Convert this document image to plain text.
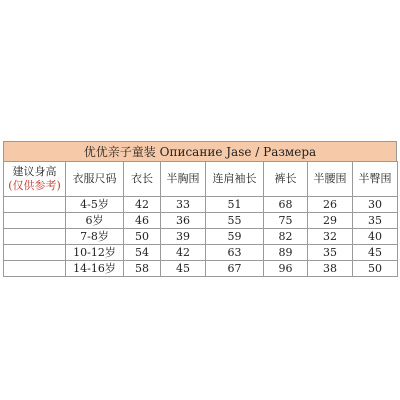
优优亲子童装 Описание Jase / Размера
建议身高
(仅供参考)	衣服尺码	衣长	半胸围	连肩袖长	裤长	半腰围	半臀围
	4-5岁	42	33	51	68	26	30
	6岁	46	36	55	75	29	35
	7-8岁	50	39	59	82	32	40
	10-12岁	54	42	63	89	35	45
	14-16岁	58	45	67	96	38	50
